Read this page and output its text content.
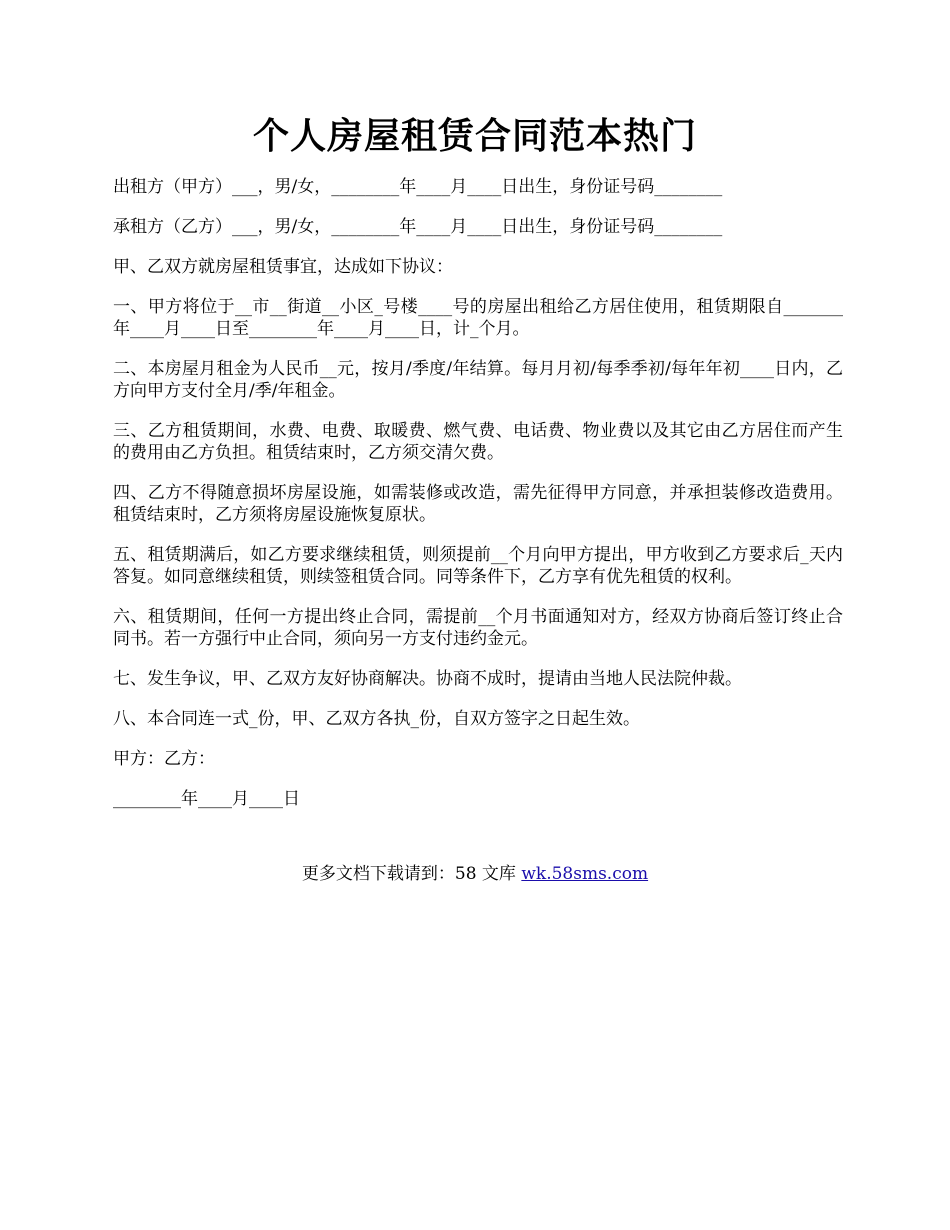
个人房屋租赁合同范本热门

出租方（甲方）___，男/女，________年____月____日出生，身份证号码________

承租方（乙方）___，男/女，________年____月____日出生，身份证号码________

甲、乙双方就房屋租赁事宜，达成如下协议：

一、甲方将位于__市__街道__小区_号楼____号的房屋出租给乙方居住使用，租赁期限自_______年____月____日至________年____月____日，计_个月。

二、本房屋月租金为人民币__元，按月/季度/年结算。每月月初/每季季初/每年年初____日内，乙方向甲方支付全月/季/年租金。

三、乙方租赁期间，水费、电费、取暖费、燃气费、电话费、物业费以及其它由乙方居住而产生的费用由乙方负担。租赁结束时，乙方须交清欠费。

四、乙方不得随意损坏房屋设施，如需装修或改造，需先征得甲方同意，并承担装修改造费用。租赁结束时，乙方须将房屋设施恢复原状。

五、租赁期满后，如乙方要求继续租赁，则须提前__个月向甲方提出，甲方收到乙方要求后_天内答复。如同意继续租赁，则续签租赁合同。同等条件下，乙方享有优先租赁的权利。

六、租赁期间，任何一方提出终止合同，需提前__个月书面通知对方，经双方协商后签订终止合同书。若一方强行中止合同，须向另一方支付违约金元。

七、发生争议，甲、乙双方友好协商解决。协商不成时，提请由当地人民法院仲裁。

八、本合同连一式_份，甲、乙双方各执_份，自双方签字之日起生效。

甲方：乙方：

________年____月____日

更多文档下载请到：58 文库 wk.58sms.com
